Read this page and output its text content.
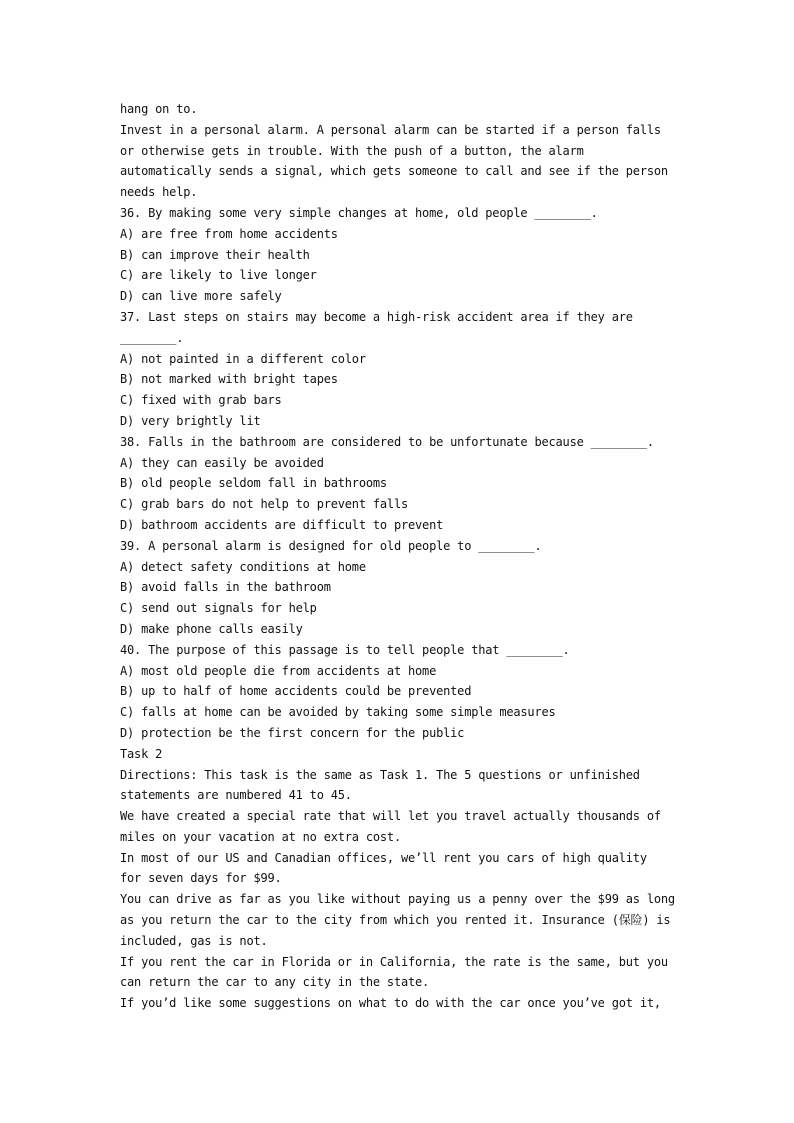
hang on to.
Invest in a personal alarm. A personal alarm can be started if a person falls
or otherwise gets in trouble. With the push of a button, the alarm
automatically sends a signal, which gets someone to call and see if the person
needs help.
36. By making some very simple changes at home, old people ________.
A) are free from home accidents
B) can improve their health
C) are likely to live longer
D) can live more safely
37. Last steps on stairs may become a high-risk accident area if they are
________.
A) not painted in a different color
B) not marked with bright tapes
C) fixed with grab bars
D) very brightly lit
38. Falls in the bathroom are considered to be unfortunate because ________.
A) they can easily be avoided
B) old people seldom fall in bathrooms
C) grab bars do not help to prevent falls
D) bathroom accidents are difficult to prevent
39. A personal alarm is designed for old people to ________.
A) detect safety conditions at home
B) avoid falls in the bathroom
C) send out signals for help
D) make phone calls easily
40. The purpose of this passage is to tell people that ________.
A) most old people die from accidents at home
B) up to half of home accidents could be prevented
C) falls at home can be avoided by taking some simple measures
D) protection be the first concern for the public
Task 2
Directions: This task is the same as Task 1. The 5 questions or unfinished
statements are numbered 41 to 45.
We have created a special rate that will let you travel actually thousands of
miles on your vacation at no extra cost.
In most of our US and Canadian offices, we’ll rent you cars of high quality
for seven days for $99.
You can drive as far as you like without paying us a penny over the $99 as long
as you return the car to the city from which you rented it. Insurance (保险) is
included, gas is not.
If you rent the car in Florida or in California, the rate is the same, but you
can return the car to any city in the state.
If you’d like some suggestions on what to do with the car once you’ve got it,
